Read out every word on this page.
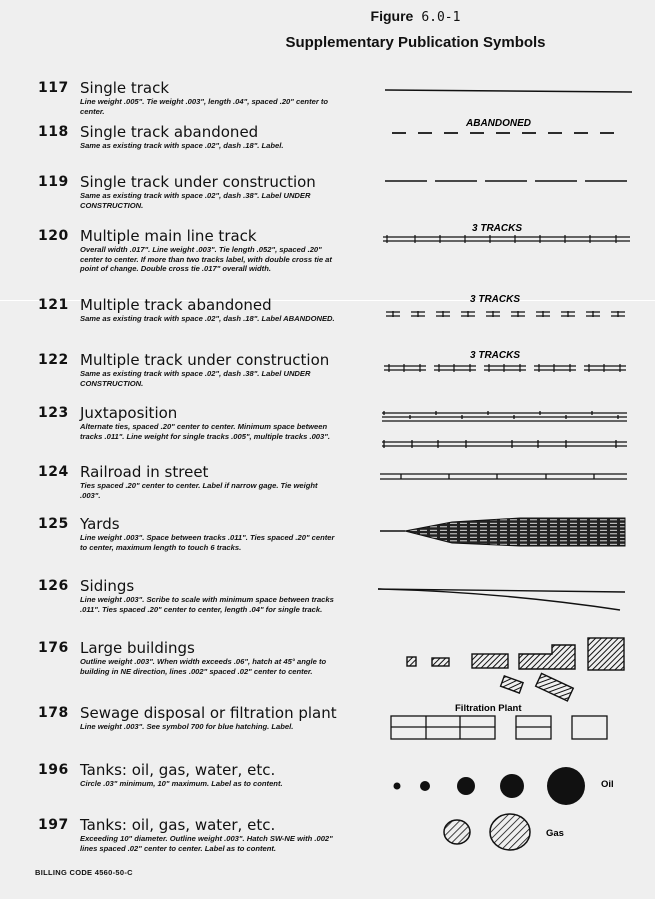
Figure 6.0-1
Supplementary Publication Symbols
117 Single track
Line weight .005". Tie weight .003", length .04", spaced .20" center to center.
118 Single track abandoned
Same as existing track with space .02", dash .18". Label.
119 Single track under construction
Same as existing track with space .02", dash .38". Label UNDER CONSTRUCTION.
120 Multiple main line track
Overall width .017". Line weight .003". Tie length .052", spaced .20" center to center. If more than two tracks label, with double cross tie at point of change. Double cross tie .017" overall width.
121 Multiple track abandoned
Same as existing track with space .02", dash .18". Label ABANDONED.
122 Multiple track under construction
Same as existing track with space .02", dash .38". Label UNDER CONSTRUCTION.
123 Juxtaposition
Alternate ties, spaced .20" center to center. Minimum space between tracks .011". Line weight for single tracks .005", multiple tracks .003".
124 Railroad in street
Ties spaced .20" center to center. Label if narrow gage. Tie weight .003".
125 Yards
Line weight .003". Space between tracks .011". Ties spaced .20" center to center, maximum length to touch 6 tracks.
126 Sidings
Line weight .003". Scribe to scale with minimum space between tracks .011". Ties spaced .20" center to center, length .04" for single track.
176 Large buildings
Outline weight .003". When width exceeds .06", hatch at 45° angle to building in NE direction, lines .002" spaced .02" center to center.
178 Sewage disposal or filtration plant
Line weight .003". See symbol 700 for blue hatching. Label.
196 Tanks: oil, gas, water, etc.
Circle .03" minimum, 10" maximum. Label as to content.
197 Tanks: oil, gas, water, etc.
Exceeding 10" diameter. Outline weight .003". Hatch SW-NE with .002" lines spaced .02" center to center. Label as to content.
ABANDONED
3 TRACKS
3 TRACKS
3 TRACKS
Filtration Plant
Oil
Gas
BILLING CODE 4560-50-C
